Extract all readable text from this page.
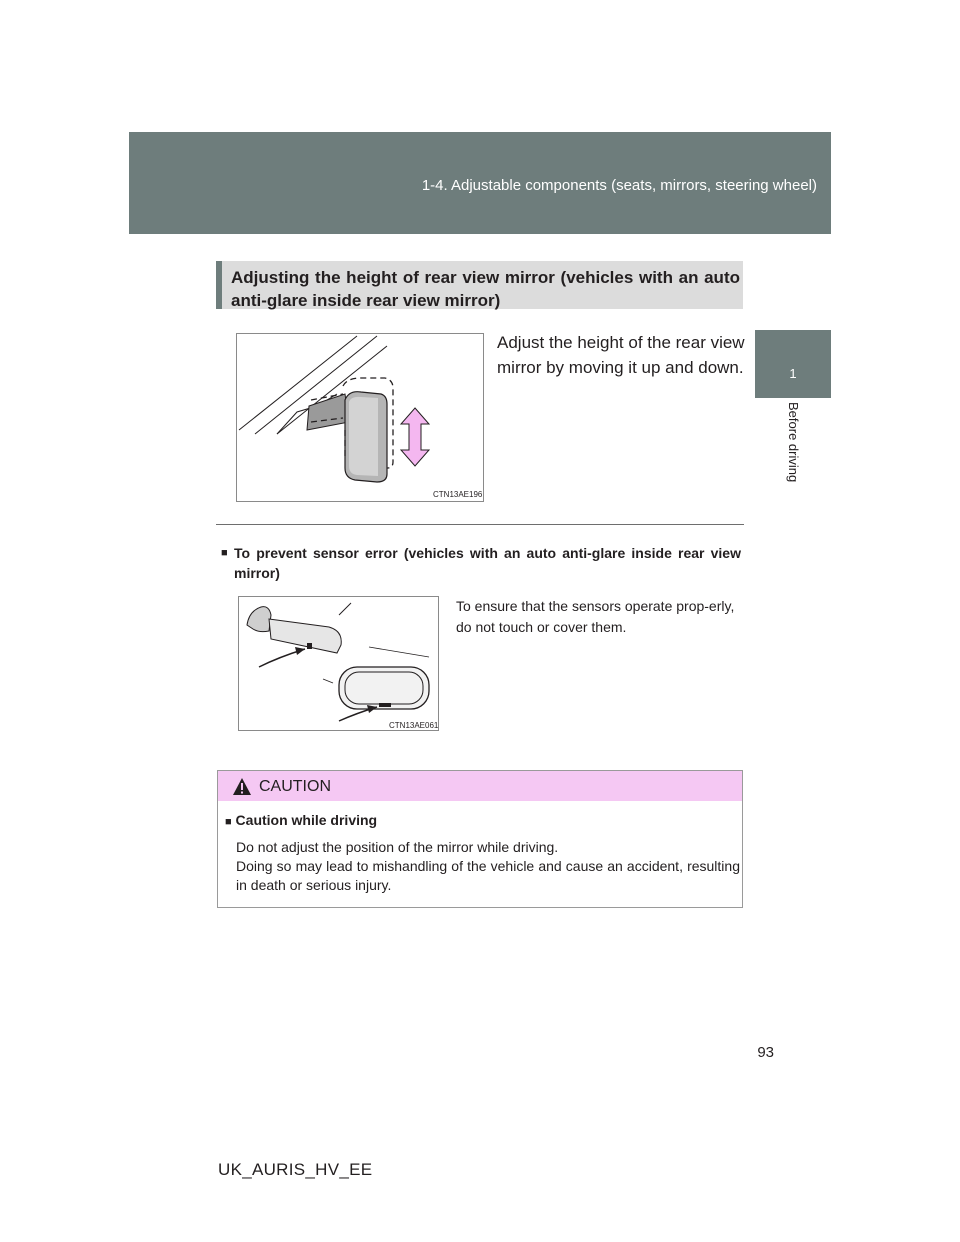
1-4. Adjustable components (seats, mirrors, steering wheel)
1
Before driving
Adjusting the height of rear view mirror (vehicles with an auto anti-glare inside rear view mirror)
CTN13AE196
Adjust the height of the rear view mirror by moving it up and down.
■ To prevent sensor error (vehicles with an auto anti-glare inside rear view mirror)
CTN13AE061
To ensure that the sensors operate prop-erly, do not touch or cover them.
CAUTION
■ Caution while driving

Do not adjust the position of the mirror while driving.

Doing so may lead to mishandling of the vehicle and cause an accident, resulting in death or serious injury.

93
UK_AURIS_HV_EE
